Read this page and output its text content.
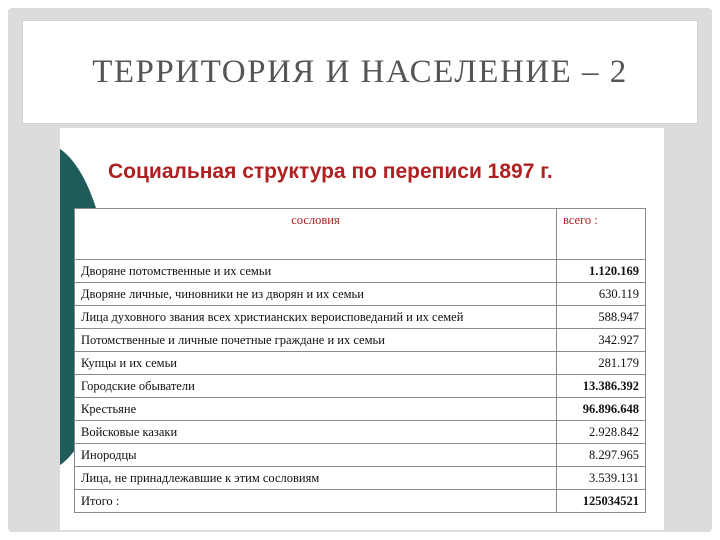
ТЕРРИТОРИЯ И НАСЕЛЕНИЕ – 2
Социальная структура по переписи 1897 г.
сословия	всего :
Дворяне потомственные и их семьи	1.120.169
Дворяне личные, чиновники не из дворян и их семьи	630.119
Лица духовного звания всех христианских вероисповеданий и их семей	588.947
Потомственные и личные почетные граждане и их семьи	342.927
Купцы и их семьи	281.179
Городские обыватели	13.386.392
Крестьяне	96.896.648
Войсковые казаки	2.928.842
Инородцы	8.297.965
Лица, не принадлежавшие к этим сословиям	3.539.131
Итого :	125034521
